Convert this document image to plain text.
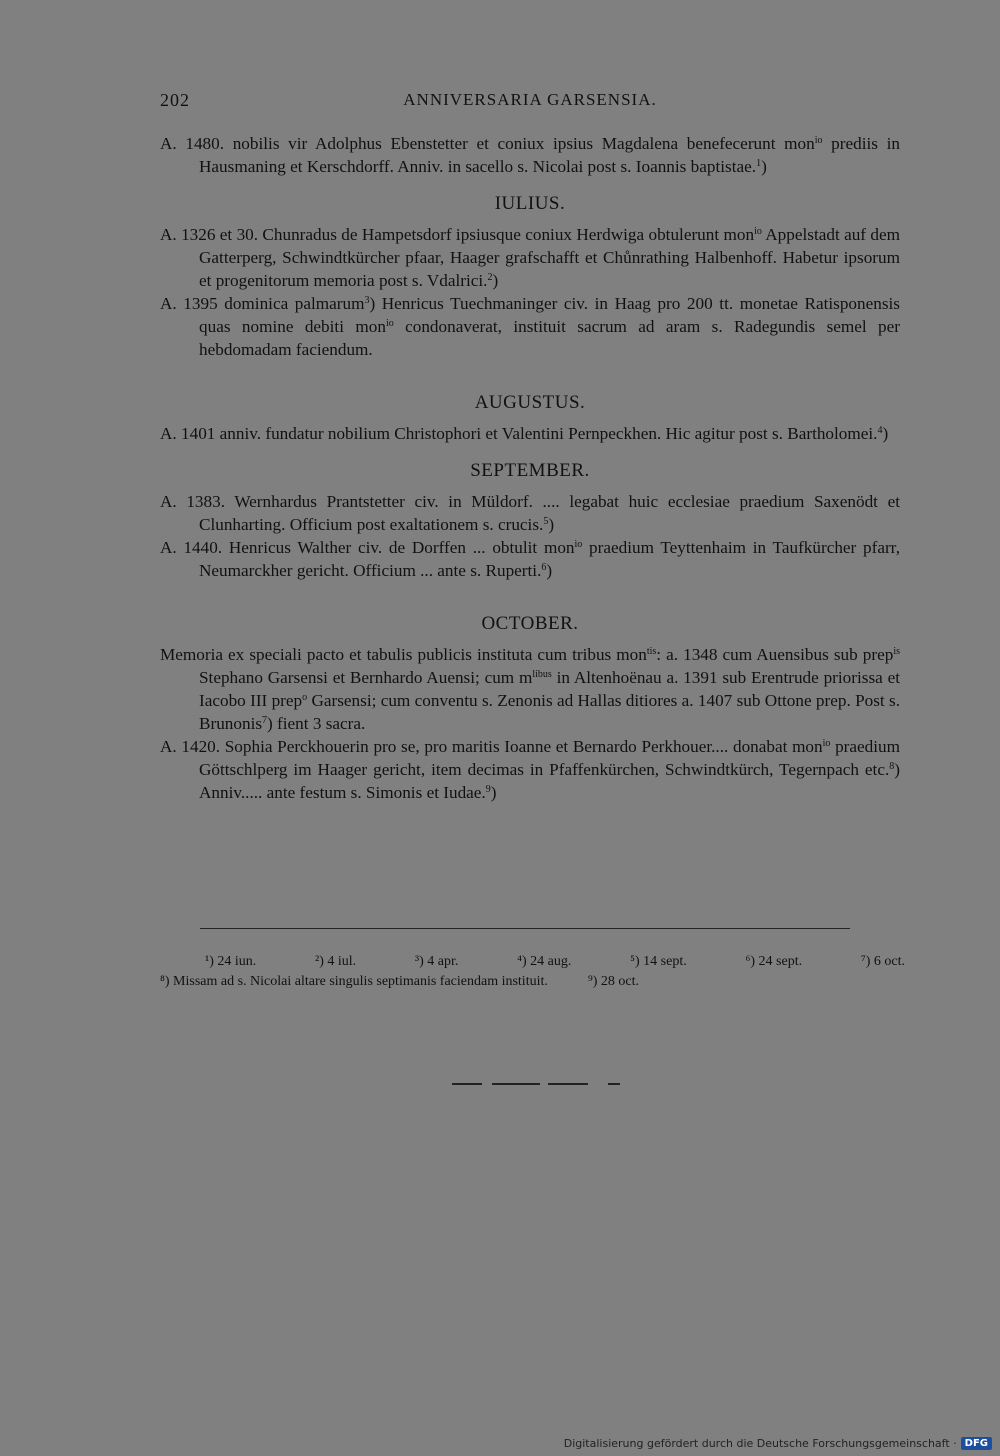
202	ANNIVERSARIA GARSENSIA.

A. 1480. nobilis vir Adolphus Ebenstetter et coniux ipsius Magdalena benefecerunt mon$^{io}$ prediis in Hausmaning et Kerschdorff. Anniv. in sacello s. Nicolai post s. Ioannis baptistae.$^1$)

IULIUS.

A. 1326 et 30. Chunradus de Hampetsdorf ipsiusque coniux Herdwiga obtulerunt mon$^{io}$ Appelstadt auf dem Gatterperg, Schwindtkürcher pfaar, Haager grafschafft et Chůnrathing Halbenhoff. Habetur ipsorum et progenitorum memoria post s. Vdalrici.$^2$)

A. 1395 dominica palmarum$^3$) Henricus Tuechmaninger civ. in Haag pro 200 tt. monetae Ratisponensis quas nomine debiti mon$^{io}$ condonaverat, instituit sacrum ad aram s. Radegundis semel per hebdomadam faciendum.

AUGUSTUS.

A. 1401 anniv. fundatur nobilium Christophori et Valentini Pernpeckhen. Hic agitur post s. Bartholomei.$^4$)

SEPTEMBER.

A. 1383. Wernhardus Prantstetter civ. in Müldorf. .... legabat huic ecclesiae praedium Saxenödt et Clunharting. Officium post exaltationem s. crucis.$^5$)

A. 1440. Henricus Walther civ. de Dorffen ... obtulit mon$^{io}$ praedium Teyttenhaim in Taufkürcher pfarr, Neumarckher gericht. Officium ... ante s. Ruperti.$^6$)

OCTOBER.

Memoria ex speciali pacto et tabulis publicis instituta cum tribus mon$^{tis}$: a. 1348 cum Auensibus sub prep$^{is}$ Stephano Garsensi et Bernhardo Auensi; cum $m^{libus}$ in Altenhoënau a. 1391 sub Erentrude priorissa et Iacobo III prep$^o$ Garsensi; cum conventu s. Zenonis ad Hallas ditiores a. 1407 sub Ottone prep. Post s. Brunonis$^7$) fient 3 sacra.

A. 1420. Sophia Perckhouerin pro se, pro maritis Ioanne et Bernardo Perkhouer.... donabat mon$^{io}$ praedium Göttschlperg im Haager gericht, item decimas in Pfaffenkürchen, Schwindtkürch, Tegernpach etc.$^8$) Anniv..... ante festum s. Simonis et Iudae.$^9$)

¹) 24 iun.	²) 4 iul.	³) 4 apr.	⁴) 24 aug.	⁵) 14 sept.	⁶) 24 sept.	⁷) 6 oct.
⁸) Missam ad s. Nicolai altare singulis septimanis faciendam instituit.	⁹) 28 oct.
Digitalisierung gefördert durch die Deutsche Forschungsgemeinschaft · DFG
